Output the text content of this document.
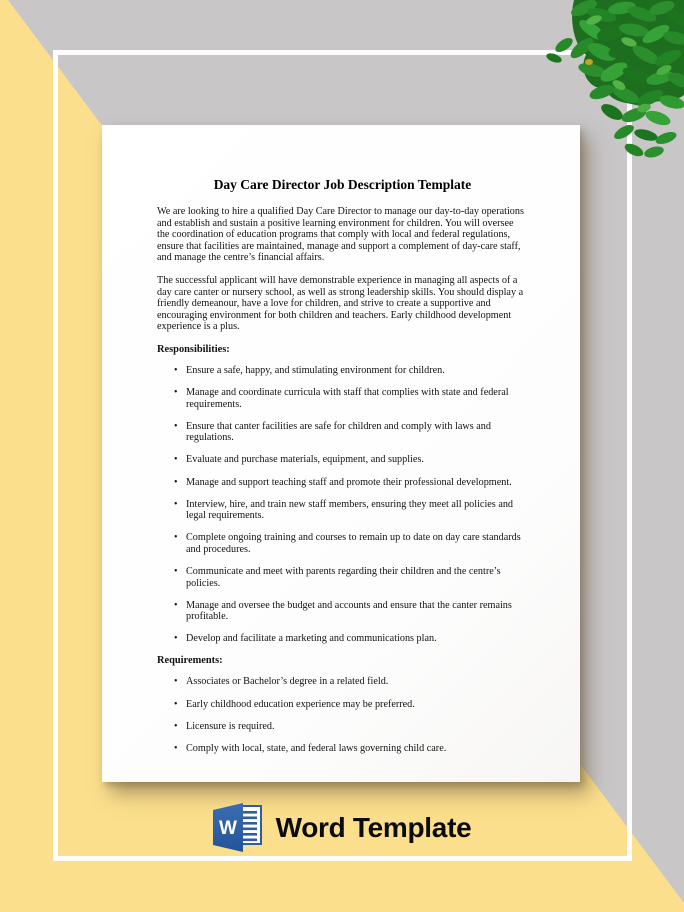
Day Care Director Job Description Template

We are looking to hire a qualified Day Care Director to manage our day-to-day operations and establish and sustain a positive learning environment for children. You will oversee the coordination of education programs that comply with local and federal regulations, ensure that facilities are maintained, manage and support a complement of day-care staff, and manage the centre’s financial affairs.

The successful applicant will have demonstrable experience in managing all aspects of a day care canter or nursery school, as well as strong leadership skills. You should display a friendly demeanour, have a love for children, and strive to create a supportive and encouraging environment for both children and teachers. Early childhood development experience is a plus.

Responsibilities:
• Ensure a safe, happy, and stimulating environment for children.
• Manage and coordinate curricula with staff that complies with state and federal requirements.
• Ensure that canter facilities are safe for children and comply with laws and regulations.
• Evaluate and purchase materials, equipment, and supplies.
• Manage and support teaching staff and promote their professional development.
• Interview, hire, and train new staff members, ensuring they meet all policies and legal requirements.
• Complete ongoing training and courses to remain up to date on day care standards and procedures.
• Communicate and meet with parents regarding their children and the centre’s policies.
• Manage and oversee the budget and accounts and ensure that the canter remains profitable.
• Develop and facilitate a marketing and communications plan.
Requirements:
• Associates or Bachelor’s degree in a related field.
• Early childhood education experience may be preferred.
• Licensure is required.
• Comply with local, state, and federal laws governing child care.
W Word Template
